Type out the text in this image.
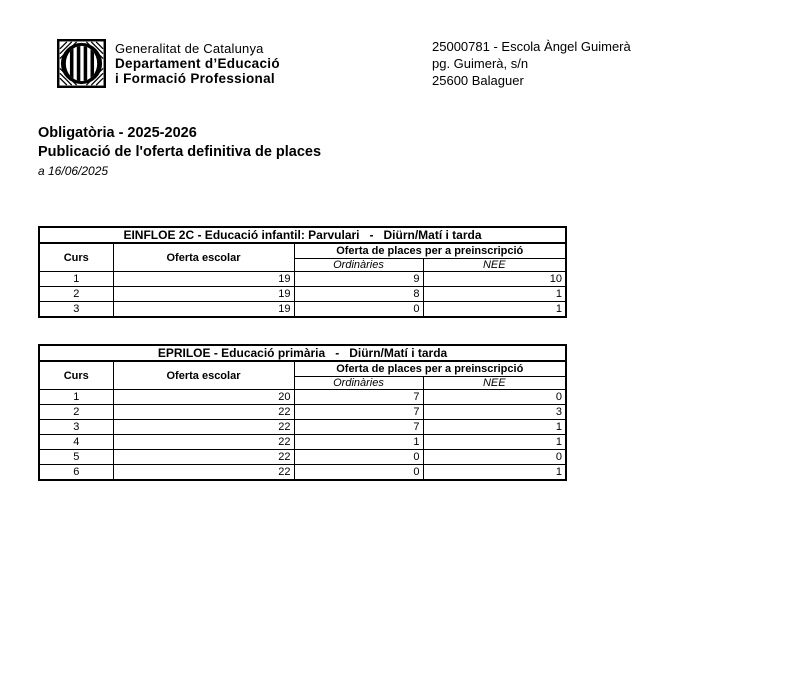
Generalitat de Catalunya
Departament d’Educació
i Formació Professional
25000781 - Escola Àngel Guimerà
pg. Guimerà, s/n
25600 Balaguer
Obligatòria - 2025-2026
Publicació de l'oferta definitiva de places
a 16/06/2025
EINFLOE 2C - Educació infantil: Parvulari   -   Diürn/Matí i tarda			
Curs	Oferta escolar	Oferta de places per a preinscripció	
		Ordinàries	NEE
1	19	9	10
2	19	8	1
3	19	0	1
EPRILOE - Educació primària   -   Diürn/Matí i tarda			
Curs	Oferta escolar	Oferta de places per a preinscripció	
		Ordinàries	NEE
1	20	7	0
2	22	7	3
3	22	7	1
4	22	1	1
5	22	0	0
6	22	0	1
